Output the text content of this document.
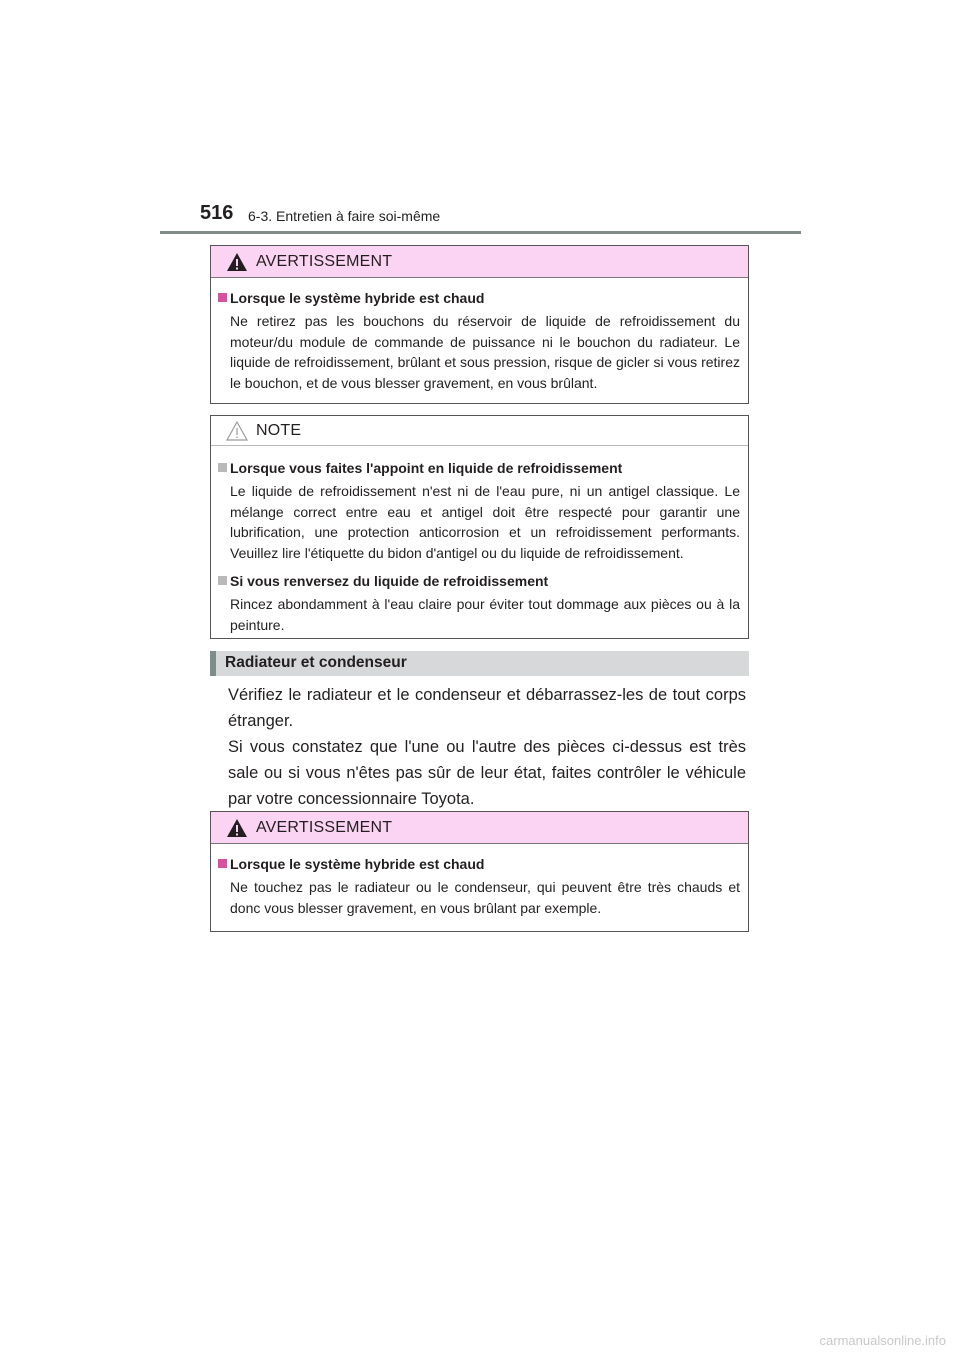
516 6-3. Entretien à faire soi-même
AVERTISSEMENT
Lorsque le système hybride est chaud
Ne retirez pas les bouchons du réservoir de liquide de refroidissement du moteur/du module de commande de puissance ni le bouchon du radiateur. Le liquide de refroidissement, brûlant et sous pression, risque de gicler si vous retirez le bouchon, et de vous blesser gravement, en vous brûlant.
NOTE
Lorsque vous faites l'appoint en liquide de refroidissement
Le liquide de refroidissement n'est ni de l'eau pure, ni un antigel classique. Le mélange correct entre eau et antigel doit être respecté pour garantir une lubrification, une protection anticorrosion et un refroidissement performants. Veuillez lire l'étiquette du bidon d'antigel ou du liquide de refroidissement.
Si vous renversez du liquide de refroidissement
Rincez abondamment à l'eau claire pour éviter tout dommage aux pièces ou à la peinture.
Radiateur et condenseur
Vérifiez le radiateur et le condenseur et débarrassez-les de tout corps étranger.
Si vous constatez que l'une ou l'autre des pièces ci-dessus est très sale ou si vous n'êtes pas sûr de leur état, faites contrôler le véhicule par votre concessionnaire Toyota.
AVERTISSEMENT
Lorsque le système hybride est chaud
Ne touchez pas le radiateur ou le condenseur, qui peuvent être très chauds et donc vous blesser gravement, en vous brûlant par exemple.
carmanualsonline.info
